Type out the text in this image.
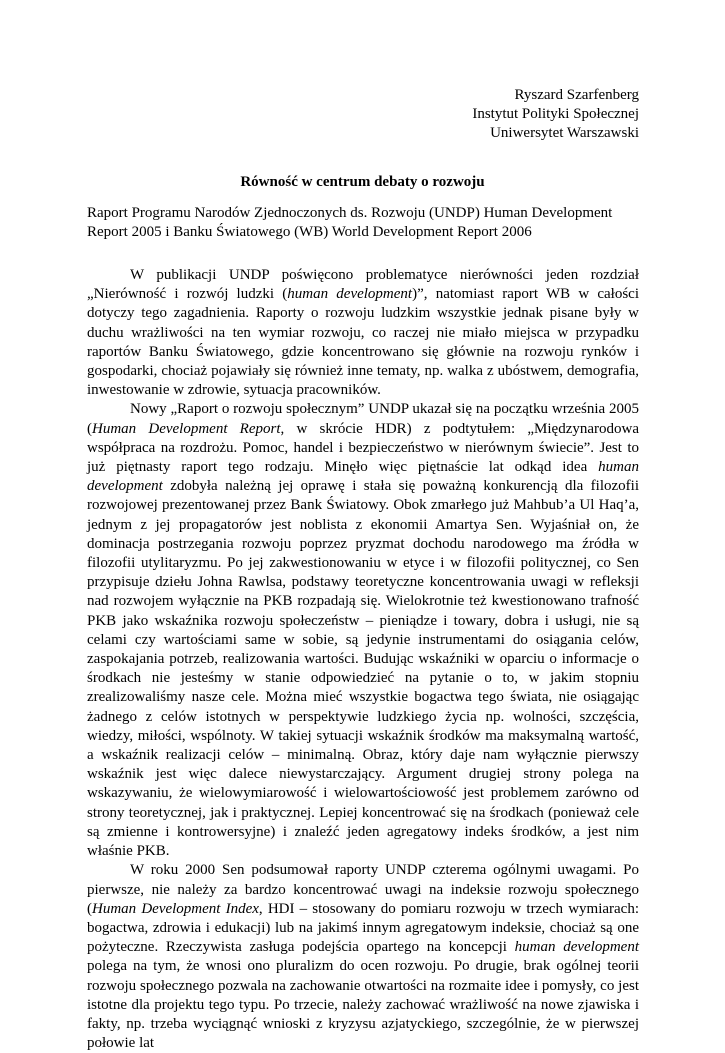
Ryszard Szarfenberg
Instytut Polityki Społecznej
Uniwersytet Warszawski
Równość w centrum debaty o rozwoju
Raport Programu Narodów Zjednoczonych ds. Rozwoju (UNDP) Human Development Report 2005 i Banku Światowego (WB) World Development Report 2006

W publikacji UNDP poświęcono problematyce nierówności jeden rozdział „Nierówność i rozwój ludzki (human development)”, natomiast raport WB w całości dotyczy tego zagadnienia. Raporty o rozwoju ludzkim wszystkie jednak pisane były w duchu wrażliwości na ten wymiar rozwoju, co raczej nie miało miejsca w przypadku raportów Banku Światowego, gdzie koncentrowano się głównie na rozwoju rynków i gospodarki, chociaż pojawiały się również inne tematy, np. walka z ubóstwem, demografia, inwestowanie w zdrowie, sytuacja pracowników.

Nowy „Raport o rozwoju społecznym” UNDP ukazał się na początku września 2005 (Human Development Report, w skrócie HDR) z podtytułem: „Międzynarodowa współpraca na rozdrożu. Pomoc, handel i bezpieczeństwo w nierównym świecie”. Jest to już piętnasty raport tego rodzaju. Minęło więc piętnaście lat odkąd idea human development zdobyła należną jej oprawę i stała się poważną konkurencją dla filozofii rozwojowej prezentowanej przez Bank Światowy. Obok zmarłego już Mahbub’a Ul Haq’a, jednym z jej propagatorów jest noblista z ekonomii Amartya Sen. Wyjaśniał on, że dominacja postrzegania rozwoju poprzez pryzmat dochodu narodowego ma źródła w filozofii utylitaryzmu. Po jej zakwestionowaniu w etyce i w filozofii politycznej, co Sen przypisuje dziełu Johna Rawlsa, podstawy teoretyczne koncentrowania uwagi w refleksji nad rozwojem wyłącznie na PKB rozpadają się. Wielokrotnie też kwestionowano trafność PKB jako wskaźnika rozwoju społeczeństw – pieniądze i towary, dobra i usługi, nie są celami czy wartościami same w sobie, są jedynie instrumentami do osiągania celów, zaspokajania potrzeb, realizowania wartości. Budując wskaźniki w oparciu o informacje o środkach nie jesteśmy w stanie odpowiedzieć na pytanie o to, w jakim stopniu zrealizowaliśmy nasze cele. Można mieć wszystkie bogactwa tego świata, nie osiągając żadnego z celów istotnych w perspektywie ludzkiego życia np. wolności, szczęścia, wiedzy, miłości, wspólnoty. W takiej sytuacji wskaźnik środków ma maksymalną wartość, a wskaźnik realizacji celów – minimalną. Obraz, który daje nam wyłącznie pierwszy wskaźnik jest więc dalece niewystarczający. Argument drugiej strony polega na wskazywaniu, że wielowymiarowość i wielowartościowość jest problemem zarówno od strony teoretycznej, jak i praktycznej. Lepiej koncentrować się na środkach (ponieważ cele są zmienne i kontrowersyjne) i znaleźć jeden agregatowy indeks środków, a jest nim właśnie PKB.

W roku 2000 Sen podsumował raporty UNDP czterema ogólnymi uwagami. Po pierwsze, nie należy za bardzo koncentrować uwagi na indeksie rozwoju społecznego (Human Development Index, HDI – stosowany do pomiaru rozwoju w trzech wymiarach: bogactwa, zdrowia i edukacji) lub na jakimś innym agregatowym indeksie, chociaż są one pożyteczne. Rzeczywista zasługa podejścia opartego na koncepcji human development polega na tym, że wnosi ono pluralizm do ocen rozwoju. Po drugie, brak ogólnej teorii rozwoju społecznego pozwala na zachowanie otwartości na rozmaite idee i pomysły, co jest istotne dla projektu tego typu. Po trzecie, należy zachować wrażliwość na nowe zjawiska i fakty, np. trzeba wyciągnąć wnioski z kryzysu azjatyckiego, szczególnie, że w pierwszej połowie lat
